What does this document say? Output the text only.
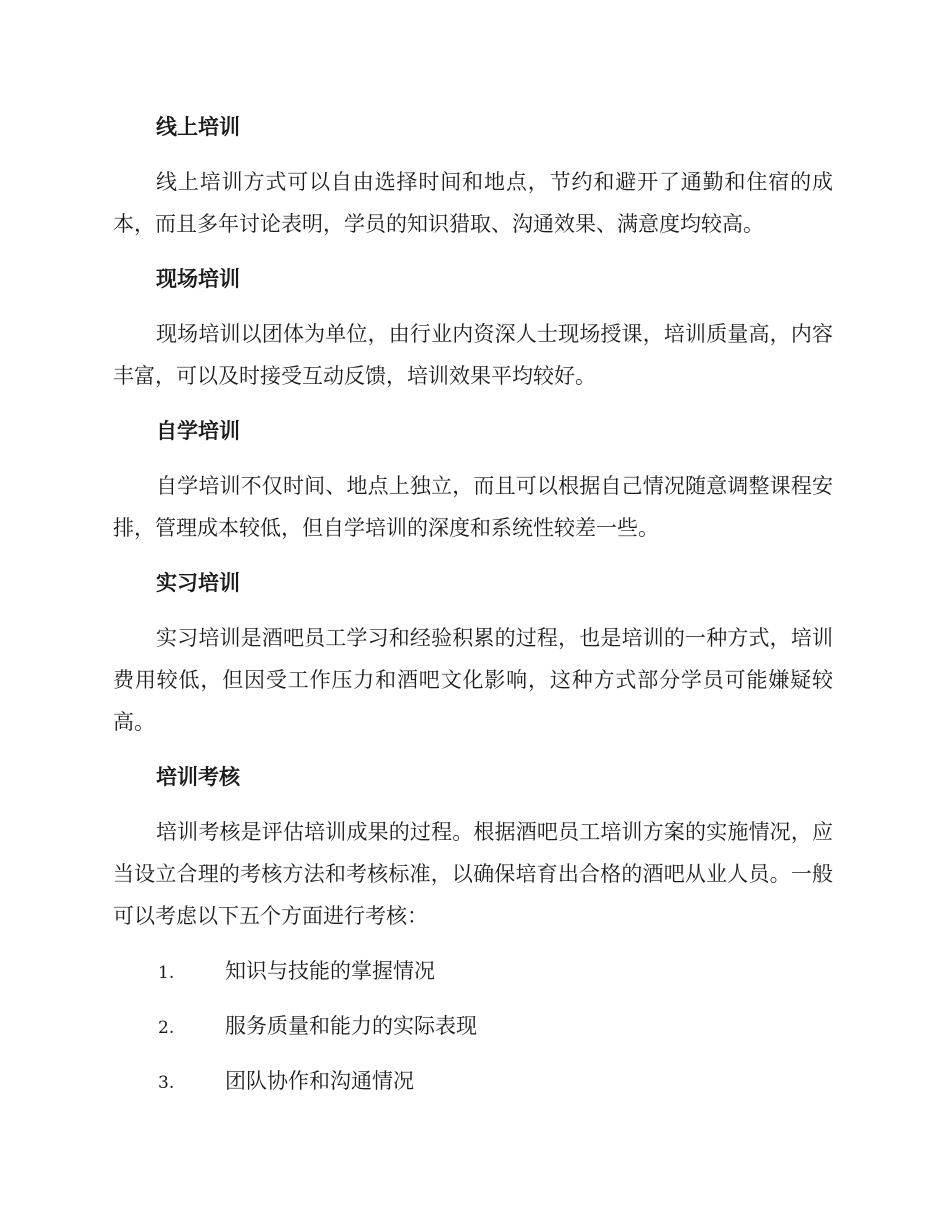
线上培训
线上培训方式可以自由选择时间和地点，节约和避开了通勤和住宿的成本，而且多年讨论表明，学员的知识猎取、沟通效果、满意度均较高。
现场培训
现场培训以团体为单位，由行业内资深人士现场授课，培训质量高，内容丰富，可以及时接受互动反馈，培训效果平均较好。
自学培训
自学培训不仅时间、地点上独立，而且可以根据自己情况随意调整课程安排，管理成本较低，但自学培训的深度和系统性较差一些。
实习培训
实习培训是酒吧员工学习和经验积累的过程，也是培训的一种方式，培训费用较低，但因受工作压力和酒吧文化影响，这种方式部分学员可能嫌疑较高。
培训考核
培训考核是评估培训成果的过程。根据酒吧员工培训方案的实施情况，应当设立合理的考核方法和考核标准，以确保培育出合格的酒吧从业人员。一般可以考虑以下五个方面进行考核：
1. 知识与技能的掌握情况
2. 服务质量和能力的实际表现
3. 团队协作和沟通情况
